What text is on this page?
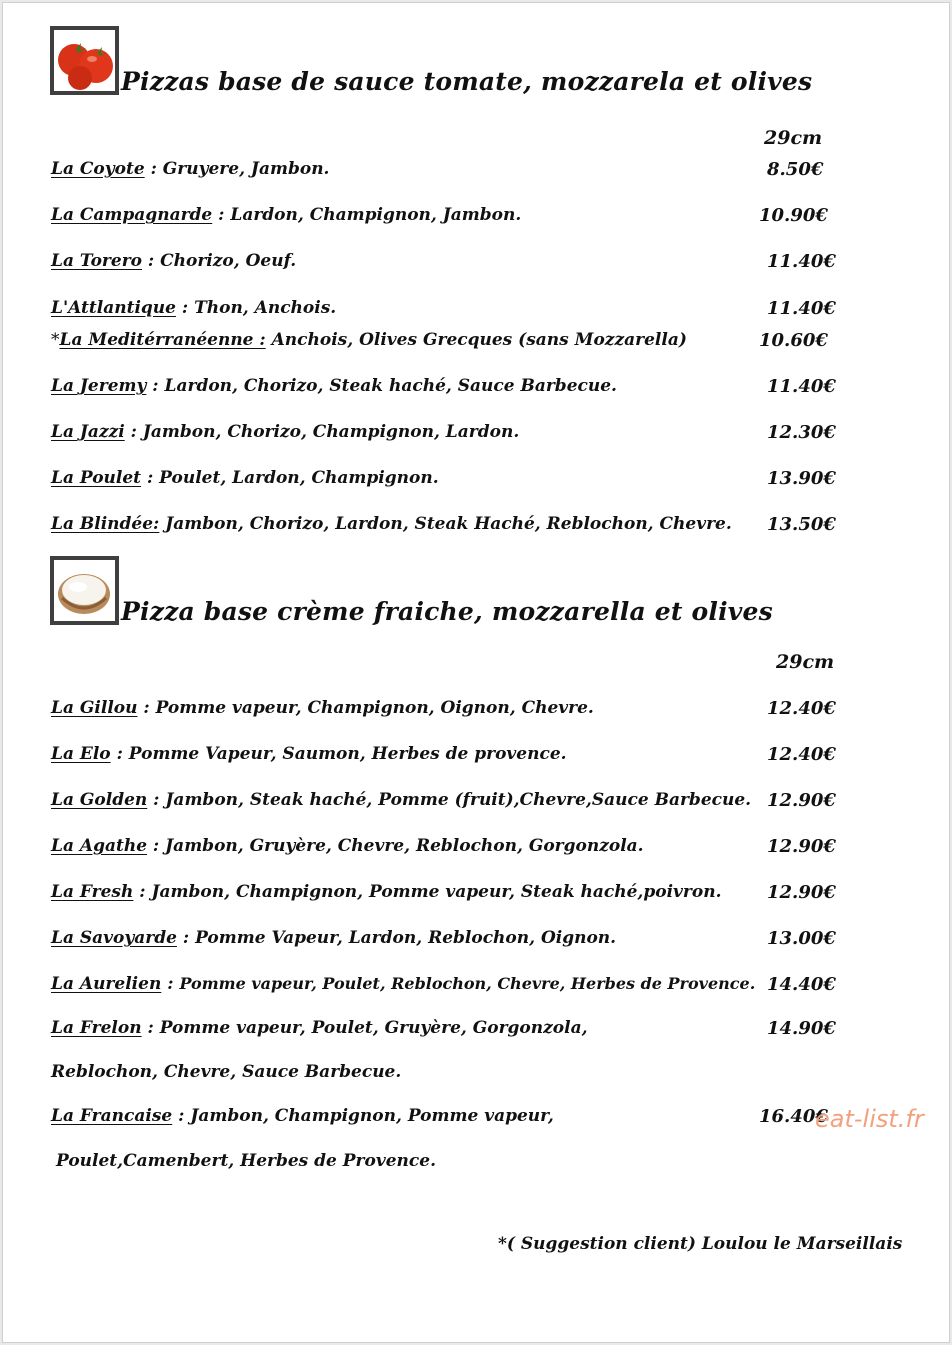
Pizzas base de sauce tomate, mozzarela et olives
29cm
La Coyote : Gruyere, Jambon.	8.50€
La Campagnarde : Lardon, Champignon, Jambon.	10.90€
La Torero : Chorizo, Oeuf.	11.40€
L'Attlantique : Thon, Anchois.	11.40€
*La Meditérranéenne : Anchois, Olives Grecques (sans Mozzarella)	10.60€
La Jeremy : Lardon, Chorizo, Steak haché, Sauce Barbecue.	11.40€
La Jazzi : Jambon, Chorizo, Champignon, Lardon.	12.30€
La Poulet : Poulet, Lardon, Champignon.	13.90€
La Blindée: Jambon, Chorizo, Lardon, Steak Haché, Reblochon, Chevre. 13.50€
Pizza base crème fraiche, mozzarella et olives
29cm
La Gillou : Pomme vapeur, Champignon, Oignon, Chevre.	12.40€
La Elo : Pomme Vapeur, Saumon, Herbes de provence.	12.40€
La Golden : Jambon, Steak haché, Pomme (fruit),Chevre,Sauce Barbecue. 12.90€
La Agathe : Jambon, Gruyère, Chevre, Reblochon, Gorgonzola.	12.90€
La Fresh : Jambon, Champignon, Pomme vapeur, Steak haché,poivron.	12.90€
La Savoyarde : Pomme Vapeur, Lardon, Reblochon, Oignon.	13.00€
La Aurelien : Pomme vapeur, Poulet, Reblochon, Chevre, Herbes de Provence. 14.40€
La Frelon : Pomme vapeur, Poulet, Gruyère, Gorgonzola,	14.90€
Reblochon, Chevre, Sauce Barbecue.
La Francaise : Jambon, Champignon, Pomme vapeur,	16.40€
Poulet,Camenbert, Herbes de Provence.
eat-list.fr
*( Suggestion client) Loulou le Marseillais
